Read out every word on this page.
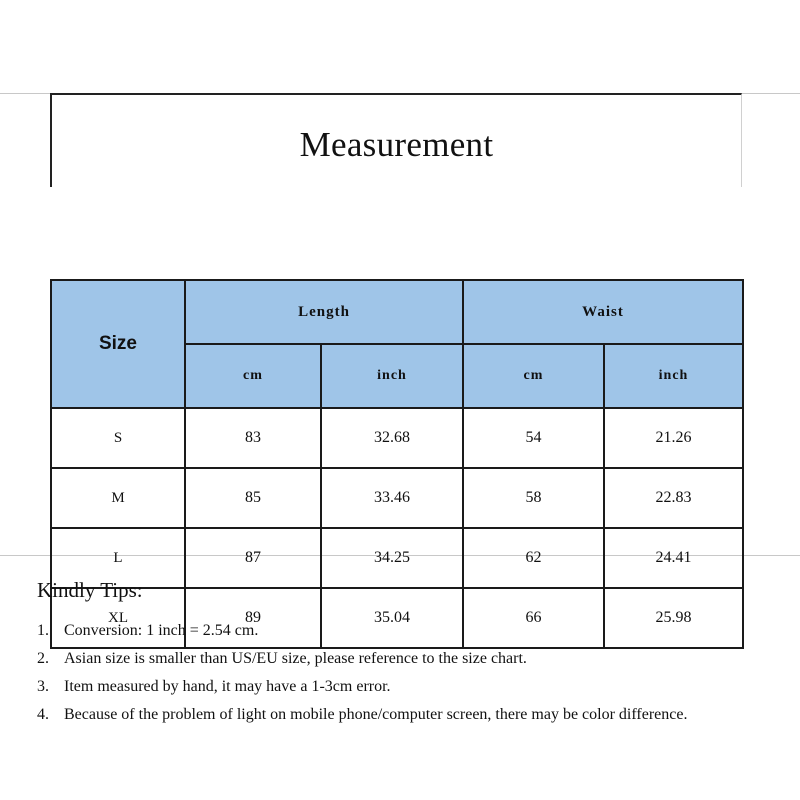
Measurement
Size	Length		Waist	
	cm	inch	cm	inch
S	83	32.68	54	21.26
M	85	33.46	58	22.83
L	87	34.25	62	24.41
XL	89	35.04	66	25.98

Kindly Tips:

1. Conversion: 1 inch = 2.54 cm.
2. Asian size is smaller than US/EU size, please reference to the size chart.
3. Item measured by hand, it may have a 1-3cm error.
4. Because of the problem of light on mobile phone/computer screen, there may be color difference.
